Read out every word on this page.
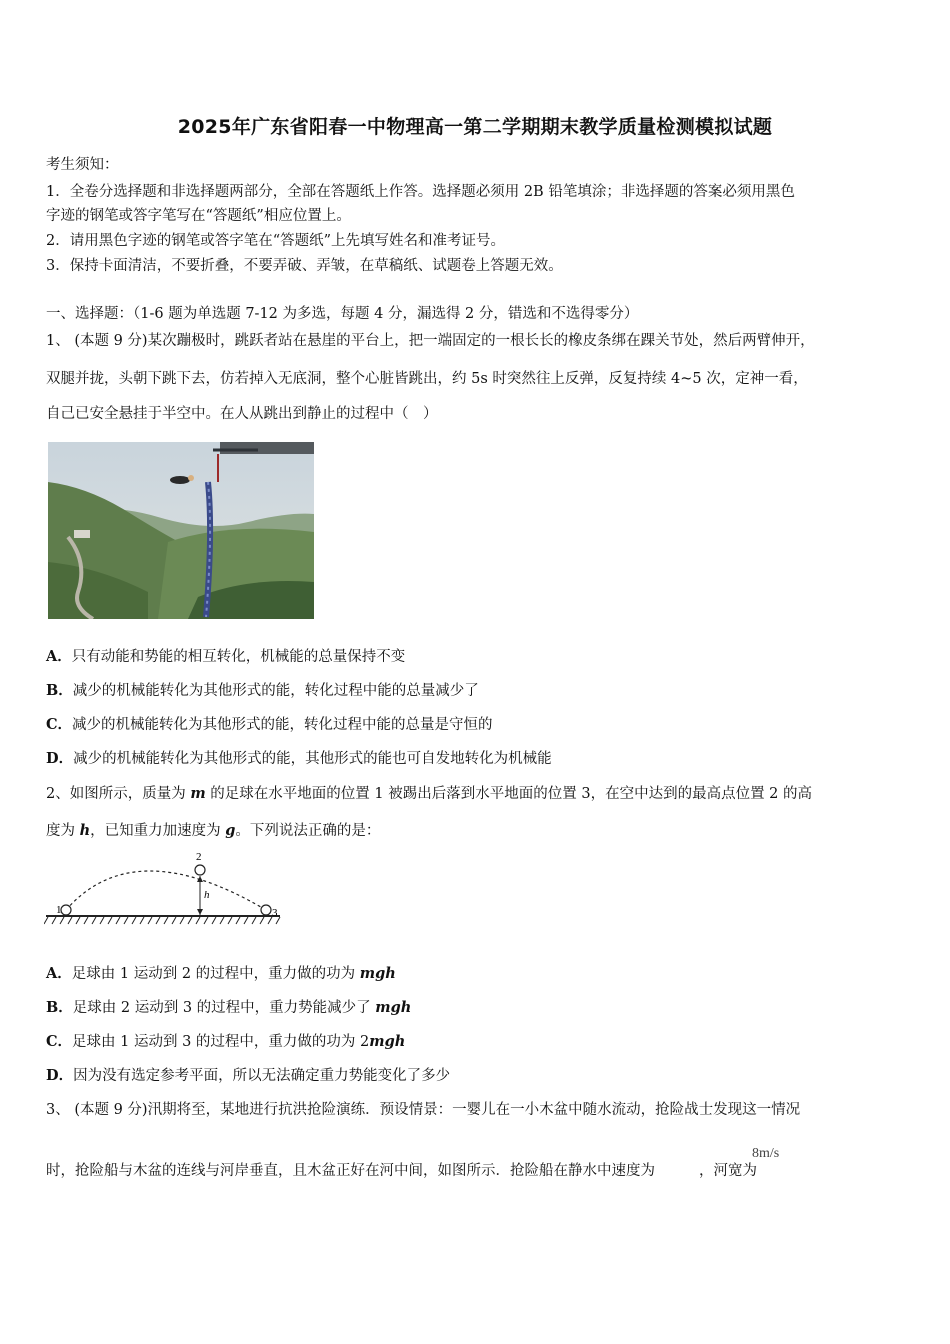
2025年广东省阳春一中物理高一第二学期期末教学质量检测模拟试题
考生须知：
1．全卷分选择题和非选择题两部分，全部在答题纸上作答。选择题必须用 2B 铅笔填涂；非选择题的答案必须用黑色
字迹的钢笔或答字笔写在“答题纸”相应位置上。
2．请用黑色字迹的钢笔或答字笔在“答题纸”上先填写姓名和准考证号。
3．保持卡面清洁，不要折叠，不要弄破、弄皱，在草稿纸、试题卷上答题无效。
一、选择题：（1-6 题为单选题 7-12 为多选，每题 4 分，漏选得 2 分，错选和不选得零分）
1、 (本题 9 分)某次蹦极时，跳跃者站在悬崖的平台上，把一端固定的一根长长的橡皮条绑在踝关节处，然后两臂伸开，
双腿并拢，头朝下跳下去，仿若掉入无底洞，整个心脏皆跳出，约 5s 时突然往上反弹，反复持续 4~5 次，定神一看，
自己已安全悬挂于半空中。在人从跳出到静止的过程中（　）
A．只有动能和势能的相互转化，机械能的总量保持不变
B．减少的机械能转化为其他形式的能，转化过程中能的总量减少了
C．减少的机械能转化为其他形式的能，转化过程中能的总量是守恒的
D．减少的机械能转化为其他形式的能，其他形式的能也可自发地转化为机械能
2、如图所示，质量为 m 的足球在水平地面的位置 1 被踢出后落到水平地面的位置 3，在空中达到的最高点位置 2 的高
度为 h，已知重力加速度为 g。下列说法正确的是：
1
2
3
h
A．足球由 1 运动到 2 的过程中，重力做的功为 mgh
B．足球由 2 运动到 3 的过程中，重力势能减少了 mgh
C．足球由 1 运动到 3 的过程中，重力做的功为 2mgh
D．因为没有选定参考平面，所以无法确定重力势能变化了多少
3、 (本题 9 分)汛期将至，某地进行抗洪抢险演练．预设情景：一婴儿在一小木盆中随水流动，抢险战士发现这一情况
时，抢险船与木盆的连线与河岸垂直，且木盆正好在河中间，如图所示．抢险船在静水中速度为	，河宽为
8m/s
